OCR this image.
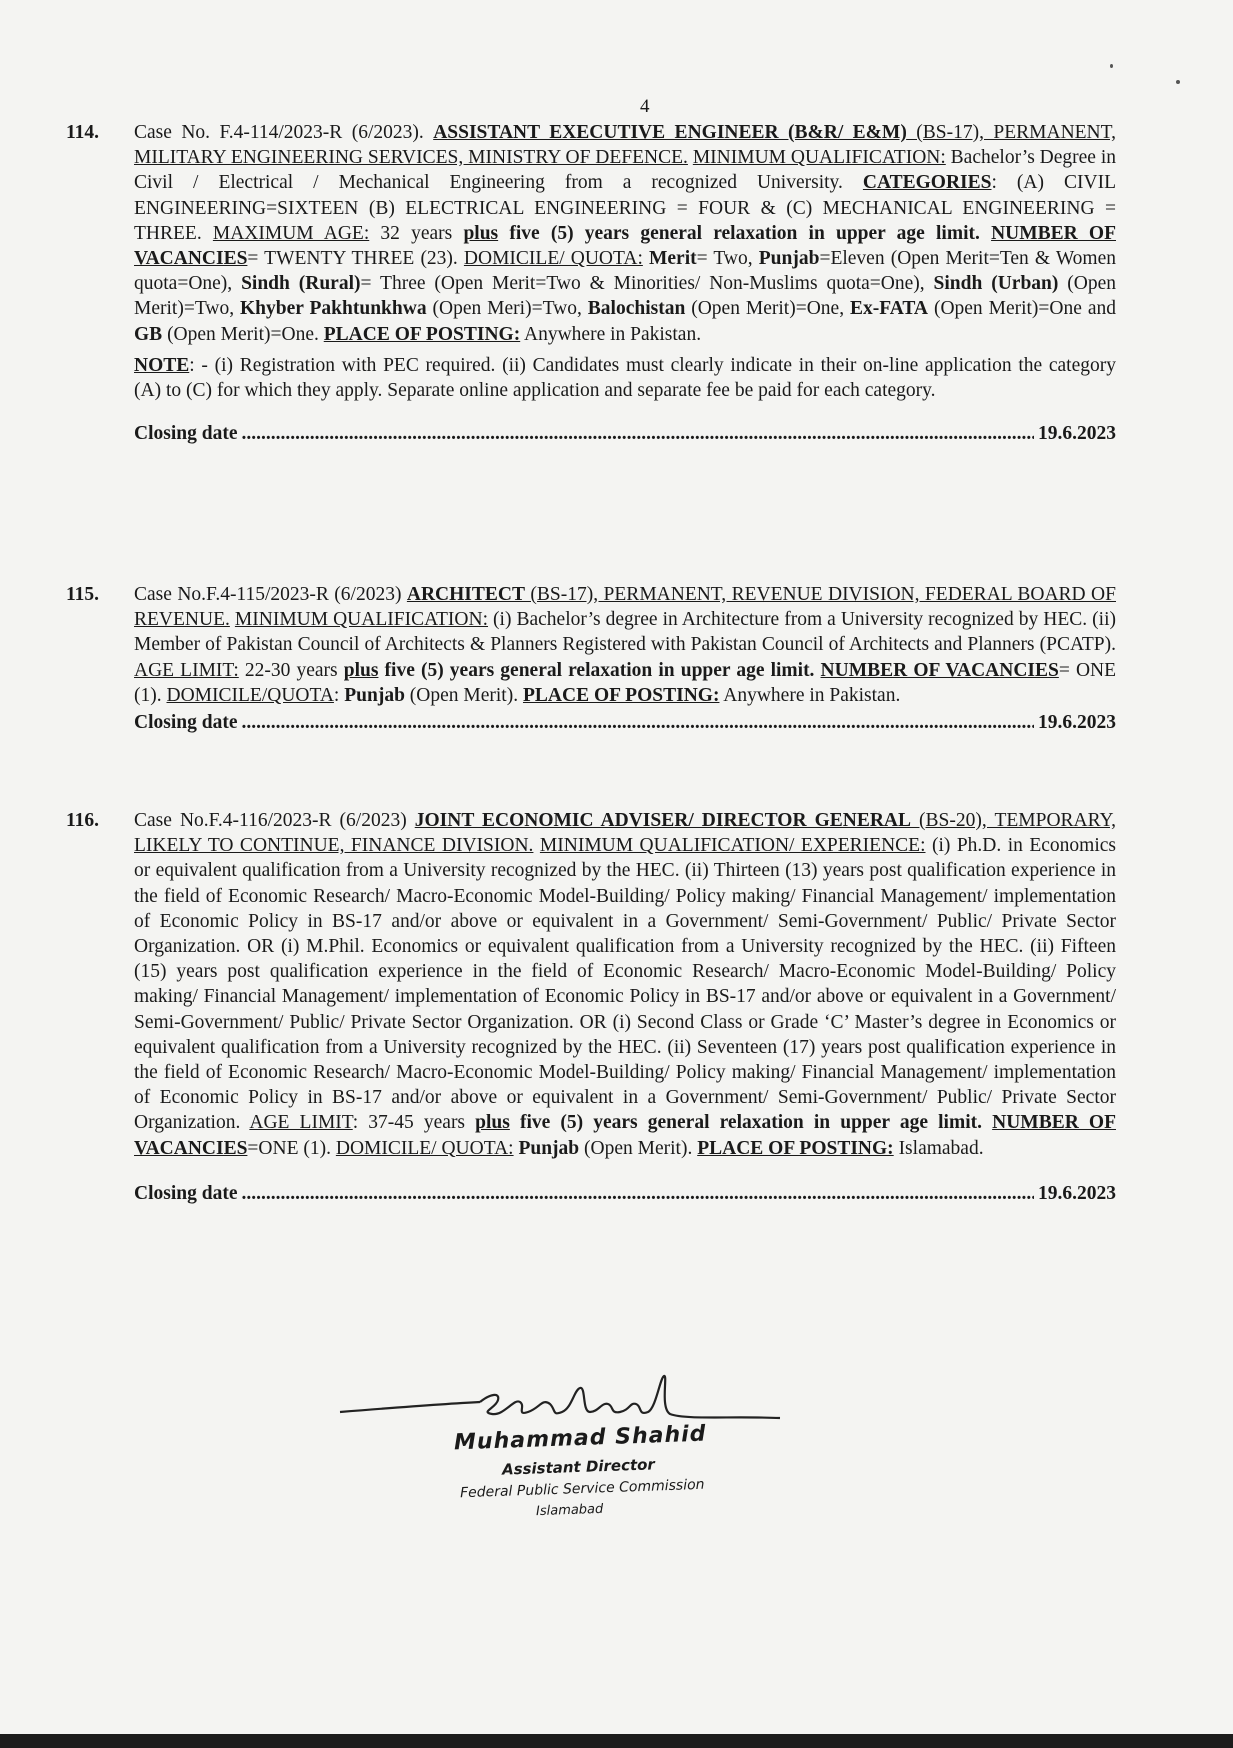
4
114. Case No. F.4-114/2023-R (6/2023). ASSISTANT EXECUTIVE ENGINEER (B&R/ E&M) (BS-17), PERMANENT, MILITARY ENGINEERING SERVICES, MINISTRY OF DEFENCE. MINIMUM QUALIFICATION: Bachelor’s Degree in Civil / Electrical / Mechanical Engineering from a recognized University. CATEGORIES: (A) CIVIL ENGINEERING=SIXTEEN (B) ELECTRICAL ENGINEERING = FOUR & (C) MECHANICAL ENGINEERING = THREE. MAXIMUM AGE: 32 years plus five (5) years general relaxation in upper age limit. NUMBER OF VACANCIES= TWENTY THREE (23). DOMICILE/ QUOTA: Merit= Two, Punjab=Eleven (Open Merit=Ten & Women quota=One), Sindh (Rural)= Three (Open Merit=Two & Minorities/ Non-Muslims quota=One), Sindh (Urban) (Open Merit)=Two, Khyber Pakhtunkhwa (Open Meri)=Two, Balochistan (Open Merit)=One, Ex-FATA (Open Merit)=One and GB (Open Merit)=One. PLACE OF POSTING: Anywhere in Pakistan.

NOTE: - (i) Registration with PEC required. (ii) Candidates must clearly indicate in their on-line application the category (A) to (C) for which they apply. Separate online application and separate fee be paid for each category.

Closing date .....	19.6.2023
115. Case No.F.4-115/2023-R (6/2023) ARCHITECT (BS-17), PERMANENT, REVENUE DIVISION, FEDERAL BOARD OF REVENUE. MINIMUM QUALIFICATION: (i) Bachelor’s degree in Architecture from a University recognized by HEC. (ii) Member of Pakistan Council of Architects & Planners Registered with Pakistan Council of Architects and Planners (PCATP). AGE LIMIT: 22-30 years plus five (5) years general relaxation in upper age limit. NUMBER OF VACANCIES= ONE (1). DOMICILE/QUOTA: Punjab (Open Merit). PLACE OF POSTING: Anywhere in Pakistan.

Closing date .....	19.6.2023
116. Case No.F.4-116/2023-R (6/2023) JOINT ECONOMIC ADVISER/ DIRECTOR GENERAL (BS-20), TEMPORARY, LIKELY TO CONTINUE, FINANCE DIVISION. MINIMUM QUALIFICATION/ EXPERIENCE: (i) Ph.D. in Economics or equivalent qualification from a University recognized by the HEC. (ii) Thirteen (13) years post qualification experience in the field of Economic Research/ Macro-Economic Model-Building/ Policy making/ Financial Management/ implementation of Economic Policy in BS-17 and/or above or equivalent in a Government/ Semi-Government/ Public/ Private Sector Organization. OR (i) M.Phil. Economics or equivalent qualification from a University recognized by the HEC. (ii) Fifteen (15) years post qualification experience in the field of Economic Research/ Macro-Economic Model-Building/ Policy making/ Financial Management/ implementation of Economic Policy in BS-17 and/or above or equivalent in a Government/ Semi-Government/ Public/ Private Sector Organization. OR (i) Second Class or Grade ‘C’ Master’s degree in Economics or equivalent qualification from a University recognized by the HEC. (ii) Seventeen (17) years post qualification experience in the field of Economic Research/ Macro-Economic Model-Building/ Policy making/ Financial Management/ implementation of Economic Policy in BS-17 and/or above or equivalent in a Government/ Semi-Government/ Public/ Private Sector Organization. AGE LIMIT: 37-45 years plus five (5) years general relaxation in upper age limit. NUMBER OF VACANCIES=ONE (1). DOMICILE/ QUOTA: Punjab (Open Merit). PLACE OF POSTING: Islamabad.

Closing date .....	19.6.2023
Muhammad Shahid
Assistant Director
Federal Public Service Commission
Islamabad
